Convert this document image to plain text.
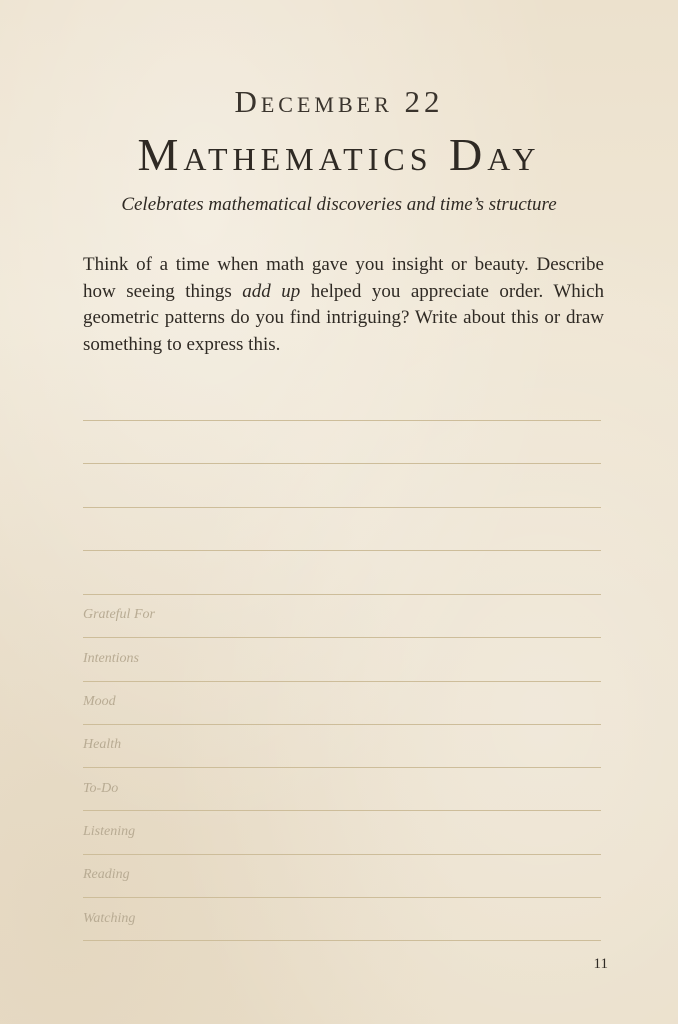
December 22
Mathematics Day
Celebrates mathematical discoveries and time’s structure
Think of a time when math gave you insight or beauty. Describe how seeing things add up helped you appreciate order. Which geometric patterns do you find intriguing? Write about this or draw something to express this.
Grateful For
Intentions
Mood
Health
To-Do
Listening
Reading
Watching
11
